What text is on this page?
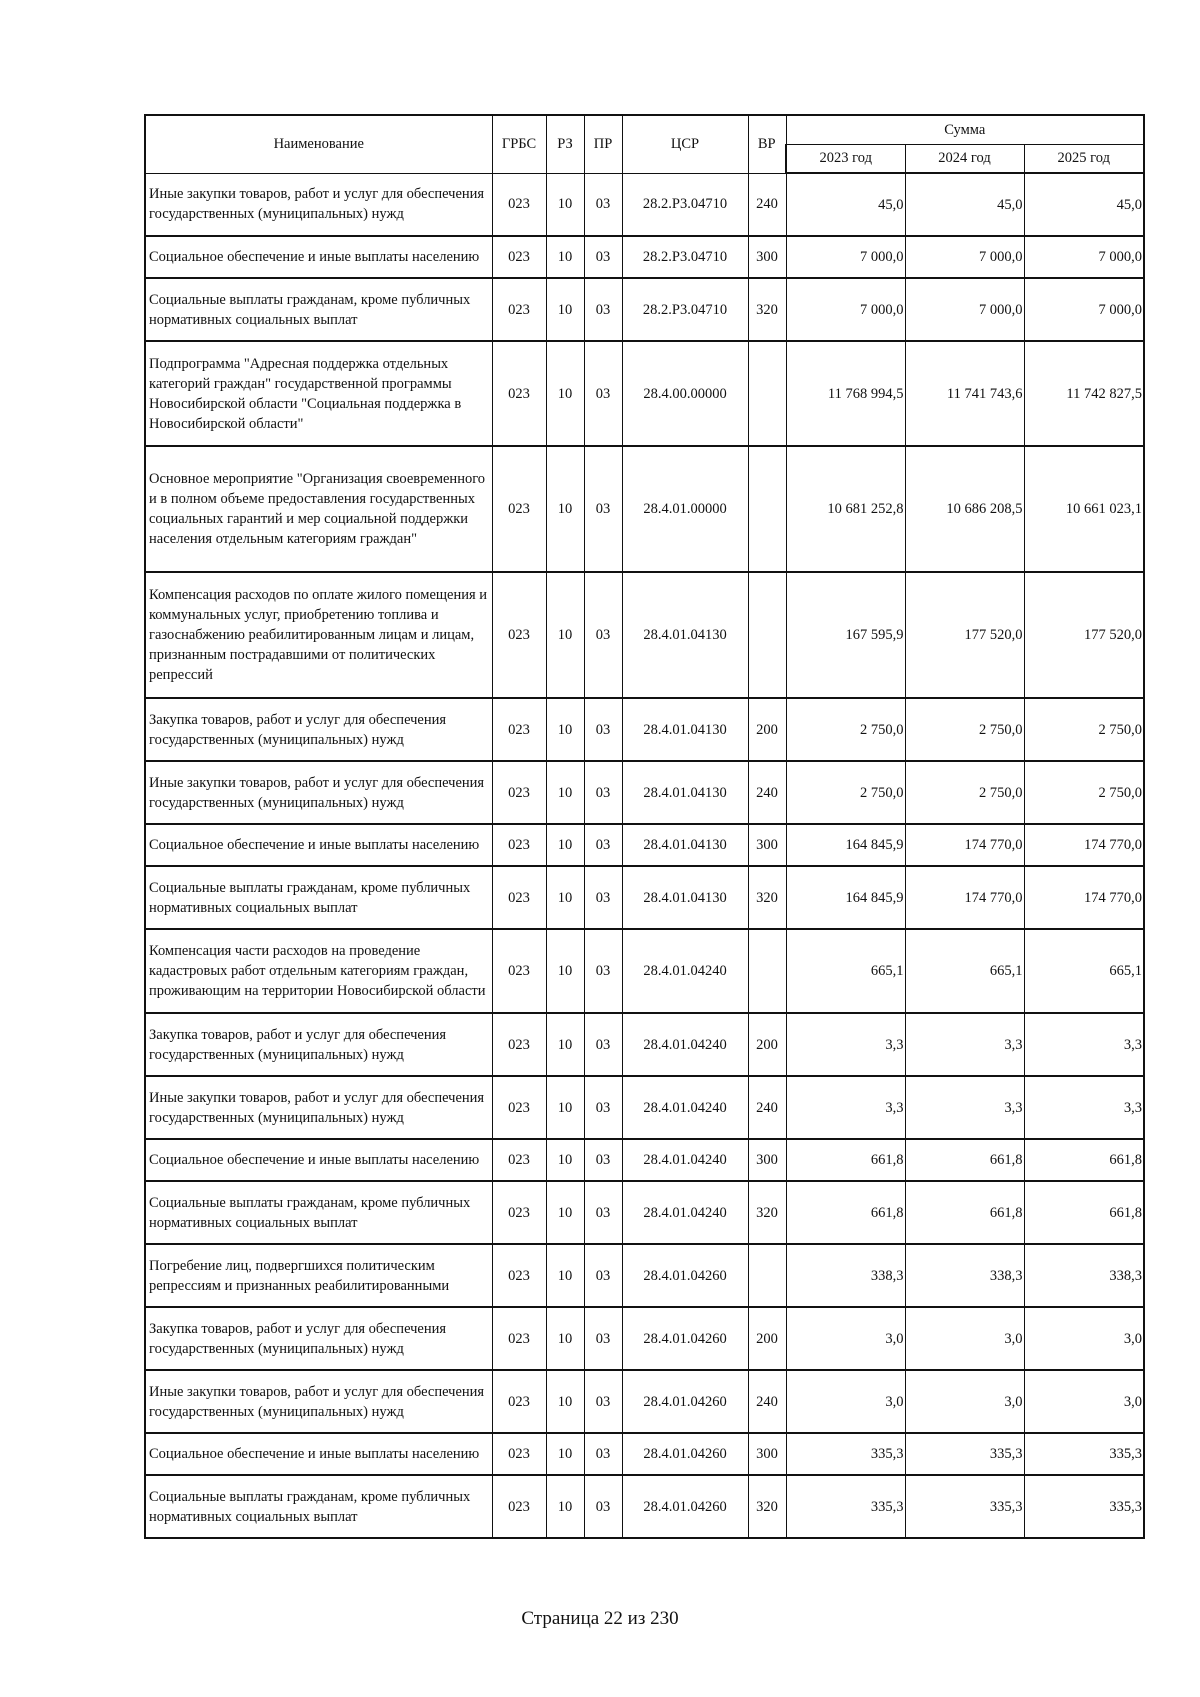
Наименование	ГРБС	РЗ	ПР	ЦСР	ВР	Сумма		
						2023 год	2024 год	2025 год
Иные закупки товаров, работ и услуг для обеспечения государственных (муниципальных) нужд	023	10	03	28.2.P3.04710	240	45,0	45,0	45,0
Социальное обеспечение и иные выплаты населению	023	10	03	28.2.P3.04710	300	7 000,0	7 000,0	7 000,0
Социальные выплаты гражданам, кроме публичных нормативных социальных выплат	023	10	03	28.2.P3.04710	320	7 000,0	7 000,0	7 000,0
Подпрограмма "Адресная поддержка отдельных категорий граждан" государственной программы Новосибирской области "Социальная поддержка в Новосибирской области"	023	10	03	28.4.00.00000		11 768 994,5	11 741 743,6	11 742 827,5
Основное мероприятие "Организация своевременного и в полном объеме предоставления государственных социальных гарантий и мер социальной поддержки населения отдельным категориям граждан"	023	10	03	28.4.01.00000		10 681 252,8	10 686 208,5	10 661 023,1
Компенсация расходов по оплате жилого помещения и коммунальных услуг, приобретению топлива и газоснабжению реабилитированным лицам и лицам, признанным пострадавшими от политических репрессий	023	10	03	28.4.01.04130		167 595,9	177 520,0	177 520,0
Закупка товаров, работ и услуг для обеспечения государственных (муниципальных) нужд	023	10	03	28.4.01.04130	200	2 750,0	2 750,0	2 750,0
Иные закупки товаров, работ и услуг для обеспечения государственных (муниципальных) нужд	023	10	03	28.4.01.04130	240	2 750,0	2 750,0	2 750,0
Социальное обеспечение и иные выплаты населению	023	10	03	28.4.01.04130	300	164 845,9	174 770,0	174 770,0
Социальные выплаты гражданам, кроме публичных нормативных социальных выплат	023	10	03	28.4.01.04130	320	164 845,9	174 770,0	174 770,0
Компенсация части расходов на проведение кадастровых работ отдельным категориям граждан, проживающим на территории Новосибирской области	023	10	03	28.4.01.04240		665,1	665,1	665,1
Закупка товаров, работ и услуг для обеспечения государственных (муниципальных) нужд	023	10	03	28.4.01.04240	200	3,3	3,3	3,3
Иные закупки товаров, работ и услуг для обеспечения государственных (муниципальных) нужд	023	10	03	28.4.01.04240	240	3,3	3,3	3,3
Социальное обеспечение и иные выплаты населению	023	10	03	28.4.01.04240	300	661,8	661,8	661,8
Социальные выплаты гражданам, кроме публичных нормативных социальных выплат	023	10	03	28.4.01.04240	320	661,8	661,8	661,8
Погребение лиц, подвергшихся политическим репрессиям и признанных реабилитированными	023	10	03	28.4.01.04260		338,3	338,3	338,3
Закупка товаров, работ и услуг для обеспечения государственных (муниципальных) нужд	023	10	03	28.4.01.04260	200	3,0	3,0	3,0
Иные закупки товаров, работ и услуг для обеспечения государственных (муниципальных) нужд	023	10	03	28.4.01.04260	240	3,0	3,0	3,0
Социальное обеспечение и иные выплаты населению	023	10	03	28.4.01.04260	300	335,3	335,3	335,3
Социальные выплаты гражданам, кроме публичных нормативных социальных выплат	023	10	03	28.4.01.04260	320	335,3	335,3	335,3
Страница 22 из 230
